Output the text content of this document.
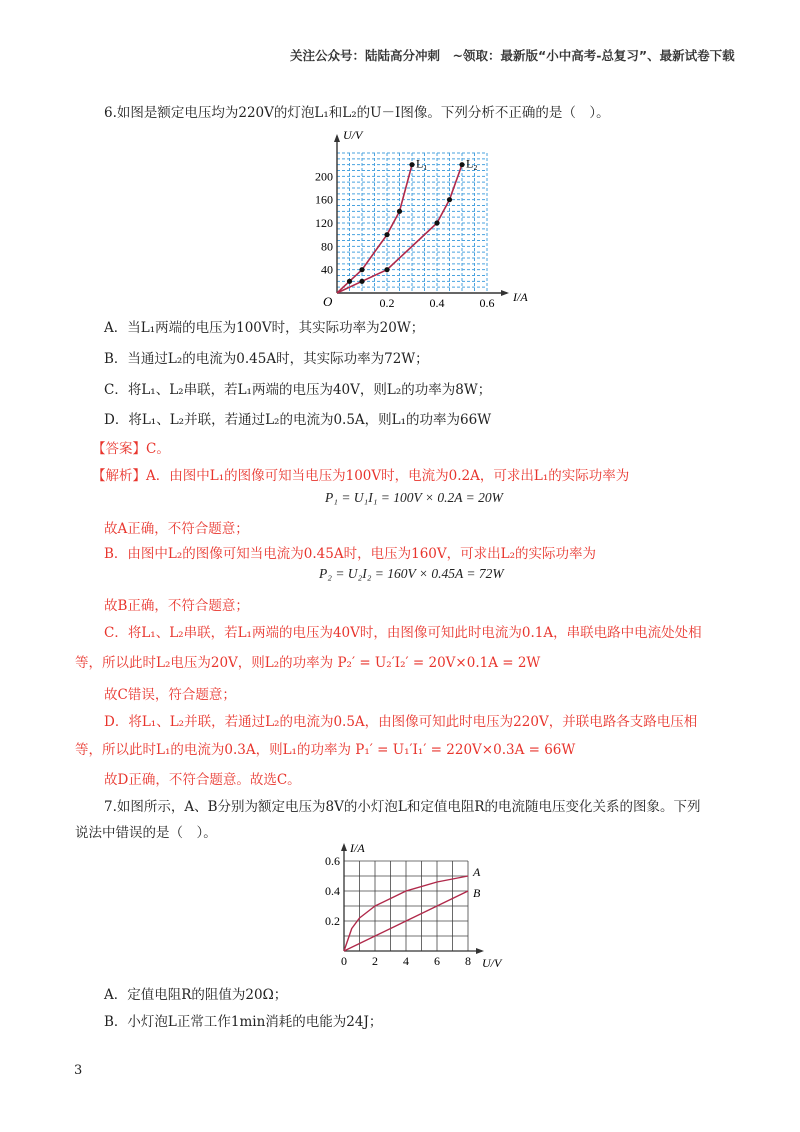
关注公众号：陆陆高分冲刺　~领取：最新版“小中高考-总复习”、最新试卷下载
6.如图是额定电压均为220V的灯泡L₁和L₂的U－I图像。下列分析不正确的是（　）。
L₁	L₂
U/V
I/A
O
40
80
120
160
200
0.2	0.4	0.6
A．当L₁两端的电压为100V时，其实际功率为20W；
B．当通过L₂的电流为0.45A时，其实际功率为72W；
C．将L₁、L₂串联，若L₁两端的电压为40V，则L₂的功率为8W；
D．将L₁、L₂并联，若通过L₂的电流为0.5A，则L₁的功率为66W
【答案】C。
【解析】A．由图中L₁的图像可知当电压为100V时，电流为0.2A，可求出L₁的实际功率为
P₁ = U₁I₁ = 100V × 0.2A = 20W
故A正确，不符合题意；
B．由图中L₂的图像可知当电流为0.45A时，电压为160V，可求出L₂的实际功率为
P₂ = U₂I₂ = 160V × 0.45A = 72W
故B正确，不符合题意；
C．将L₁、L₂串联，若L₁两端的电压为40V时，由图像可知此时电流为0.1A，串联电路中电流处处相
等，所以此时L₂电压为20V，则L₂的功率为 P₂′ = U₂′I₂′ = 20V×0.1A = 2W
故C错误，符合题意；
D．将L₁、L₂并联，若通过L₂的电流为0.5A，由图像可知此时电压为220V，并联电路各支路电压相
等，所以此时L₁的电流为0.3A，则L₁的功率为 P₁′ = U₁′I₁′ = 220V×0.3A = 66W
故D正确，不符合题意。故选C。
7.如图所示，A、B分别为额定电压为8V的小灯泡L和定值电阻R的电流随电压变化关系的图象。下列
说法中错误的是（　）。
A
B
I/A
U/V
0.2
0.4
0.6
0 2 4 6 8
A．定值电阻R的阻值为20Ω；
B．小灯泡L正常工作1min消耗的电能为24J；
3
